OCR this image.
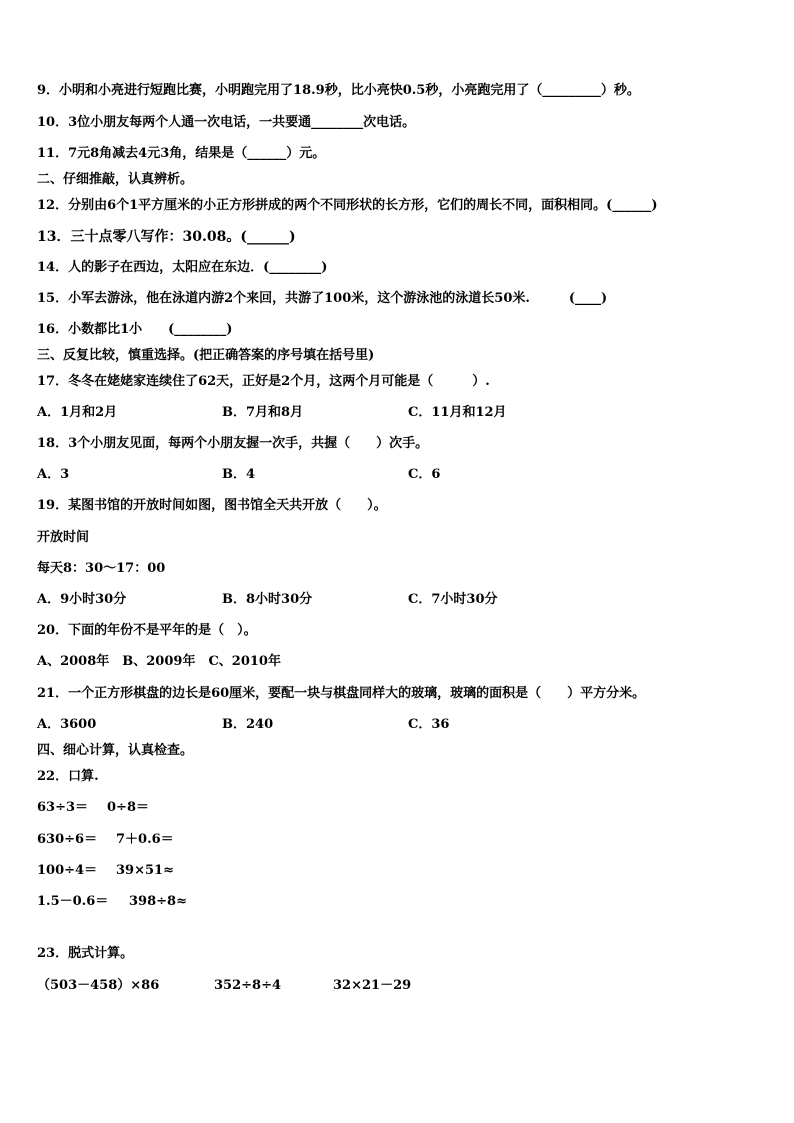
9．小明和小亮进行短跑比赛，小明跑完用了18.9秒，比小亮快0.5秒，小亮跑完用了（_________）秒。
10．3位小朋友每两个人通一次电话，一共要通________次电话。
11．7元8角减去4元3角，结果是（______）元。
二、仔细推敲，认真辨析。
12．分别由6个1平方厘米的小正方形拼成的两个不同形状的长方形，它们的周长不同，面积相同。(______)
13．三十点零八写作：30.08。(______)
14．人的影子在西边，太阳应在东边．(________)
15．小军去游泳，他在泳道内游2个来回，共游了100米，这个游泳池的泳道长50米.　　　(____)
16．小数都比1小　　(________)
三、反复比较，慎重选择。(把正确答案的序号填在括号里)
17．冬冬在姥姥家连续住了62天，正好是2个月，这两个月可能是（　　　）.
A．1月和2月	B．7月和8月	C．11月和12月
18．3个小朋友见面，每两个小朋友握一次手，共握（　　）次手。
A．3	B．4	C．6
19．某图书馆的开放时间如图，图书馆全天共开放（　　）。
开放时间
每天8：30～17：00
A．9小时30分	B．8小时30分	C．7小时30分
20．下面的年份不是平年的是（　）。
A、2008年　B、2009年　C、2010年
21．一个正方形棋盘的边长是60厘米，要配一块与棋盘同样大的玻璃，玻璃的面积是（　　）平方分米。
A．3600	B．240	C．36
四、细心计算，认真检查。
22．口算.
63÷3＝ 0÷8＝
630÷6＝ 7＋0.6＝
100÷4＝ 39×51≈
1.5－0.6＝ 398÷8≈
23．脱式计算。
（503－458）×86	352÷8÷4	32×21－29
